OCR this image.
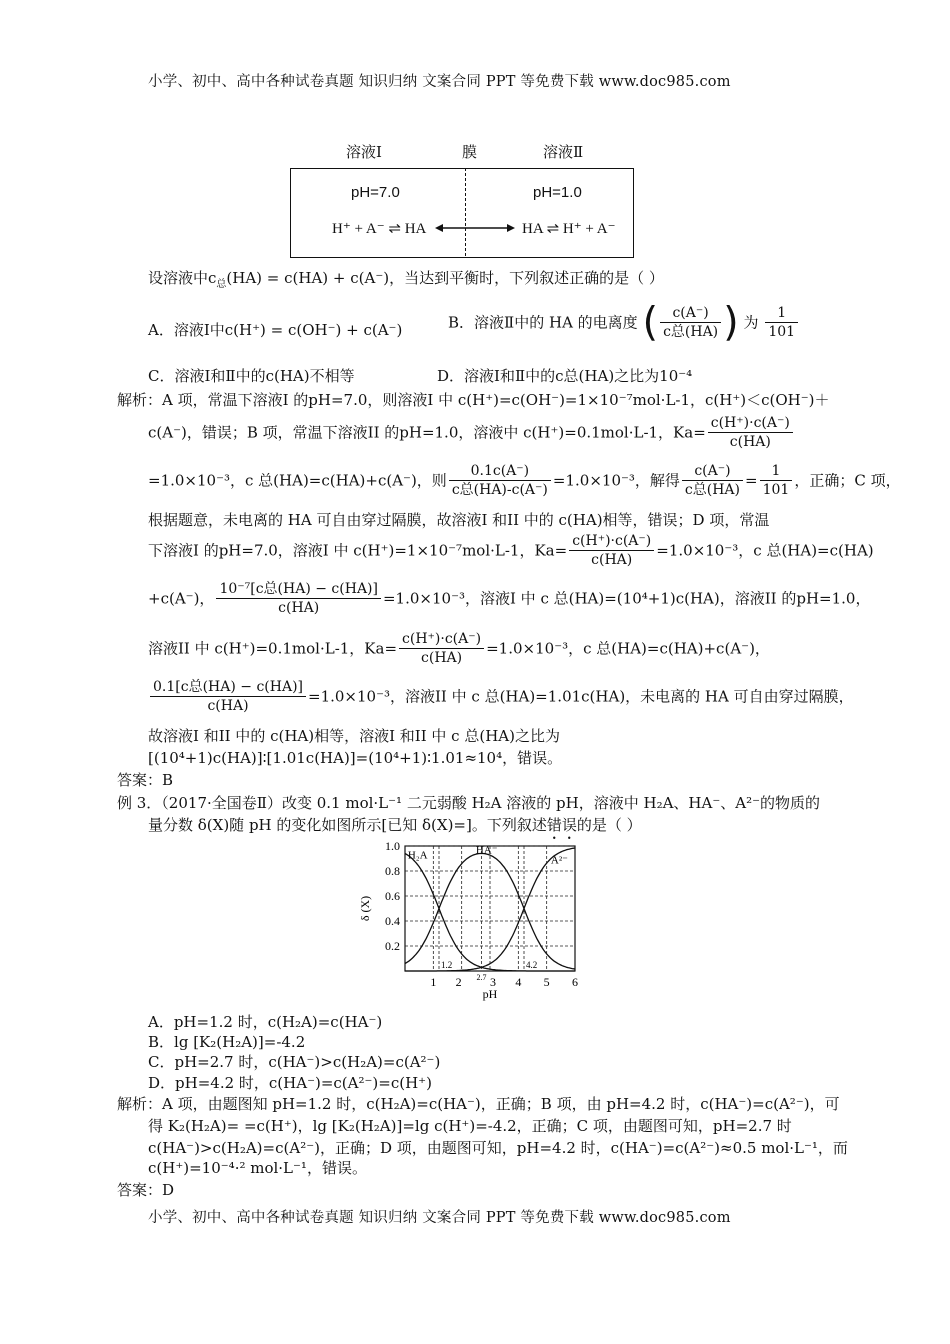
小学、初中、高中各种试卷真题 知识归纳 文案合同 PPT 等免费下载 www.doc985.com
溶液Ⅰ	膜	溶液Ⅱ
pH=7.0	pH=1.0
H⁺ + A⁻ ⇌ HA	HA ⇌ H⁺ + A⁻
设溶液中$c_总(HA) = c(HA) + c(A^-)$，当达到平衡时，下列叙述正确的是（ ）
A．溶液Ⅰ中c(H⁺) = c(OH⁻) + c(A⁻)	B．溶液Ⅱ中的 HA 的电离度 ( $\frac{c(A^-)}{\text{c总(HA)}}$ ) 为 $\frac{1}{101}$
C．溶液Ⅰ和Ⅱ中的c(HA)不相等	D．溶液Ⅰ和Ⅱ中的c总(HA)之比为10⁻⁴
解析：A 项，常温下溶液I 的pH=7.0，则溶液I 中 c(H⁺)=c(OH⁻)=1×10⁻⁷mol·L-1，c(H⁺)＜c(OH⁻)＋
c(A⁻)，错误；B 项，常温下溶液II 的pH=1.0，溶液中 c(H⁺)=0.1mol·L-1，$Ka= \frac{c(H^+)\cdot c(A^-)}{c(HA)}$
=1.0×10⁻³，c 总(HA)=c(HA)+c(A⁻)，则 $\frac{0.1c(A^-)}{\text{c总(HA)-c(A⁻)}} =1.0\times 10^{-3}$，解得 $\frac{c(A^-)}{\text{c总(HA)}} = \frac{1}{101}$ ，正确；C 项，
根据题意，未电离的 HA 可自由穿过隔膜，故溶液I 和II 中的 c(HA)相等，错误；D 项，常温
下溶液I 的pH=7.0，溶液I 中 c(H⁺)=1×10⁻⁷mol·L-1，$Ka= \frac{c(H^+)\cdot c(A^-)}{c(HA)} =1.0\times 10^{-3}$，c 总(HA)=c(HA)
+c(A⁻)， $\frac{\text{10⁻⁷[c总(HA) − c(HA)]}}{c(HA)} =1.0\times 10^{-3}$，溶液I 中 c 总(HA)=(10⁴+1)c(HA)，溶液II 的pH=1.0，
溶液II 中 c(H⁺)=0.1mol·L-1，$Ka= \frac{c(H^+)\cdot c(A^-)}{c(HA)} =1.0\times 10^{-3}$，c 总(HA)=c(HA)+c(A⁻)，
$\frac{\text{0.1[c总(HA) − c(HA)]}}{c(HA)} =1.0\times 10^{-3}$，溶液II 中 c 总(HA)=1.01c(HA)，未电离的 HA 可自由穿过隔膜，
故溶液I 和II 中的 c(HA)相等，溶液I 和II 中 c 总(HA)之比为
[(10⁴+1)c(HA)]∶[1.01c(HA)]=(10⁴+1)∶1.01≈10⁴，错误。
答案：B
例 3．（2017·全国卷Ⅱ）改变 0.1 mol·L⁻¹ 二元弱酸 H₂A 溶液的 pH，溶液中 H₂A、HA⁻、A²⁻的物质的
量分数 δ(X)随 pH 的变化如图所示[已知 δ(X)=]。下列叙述错误的是（ ）
0.2
0.4
0.6
0.8
1.0
1 2 2.7 3 4 5 6
1.2	4.2
pH
δ (X)
H₂A	HA⁻
A²⁻
A．pH=1.2 时，c(H₂A)=c(HA⁻)
B．lg [K₂(H₂A)]=-4.2
C．pH=2.7 时，c(HA⁻)>c(H₂A)=c(A²⁻)
D．pH=4.2 时，c(HA⁻)=c(A²⁻)=c(H⁺)
解析：A 项，由题图知 pH=1.2 时，c(H₂A)=c(HA⁻)，正确；B 项，由 pH=4.2 时，c(HA⁻)=c(A²⁻)，可
得 K₂(H₂A)= =c(H⁺)，lg [K₂(H₂A)]=lg c(H⁺)=-4.2，正确；C 项，由题图可知，pH=2.7 时
c(HA⁻)>c(H₂A)=c(A²⁻)，正确；D 项，由题图可知，pH=4.2 时，c(HA⁻)=c(A²⁻)≈0.5 mol·L⁻¹，而
c(H⁺)=10⁻⁴·² mol·L⁻¹，错误。
答案：D
小学、初中、高中各种试卷真题 知识归纳 文案合同 PPT 等免费下载 www.doc985.com
